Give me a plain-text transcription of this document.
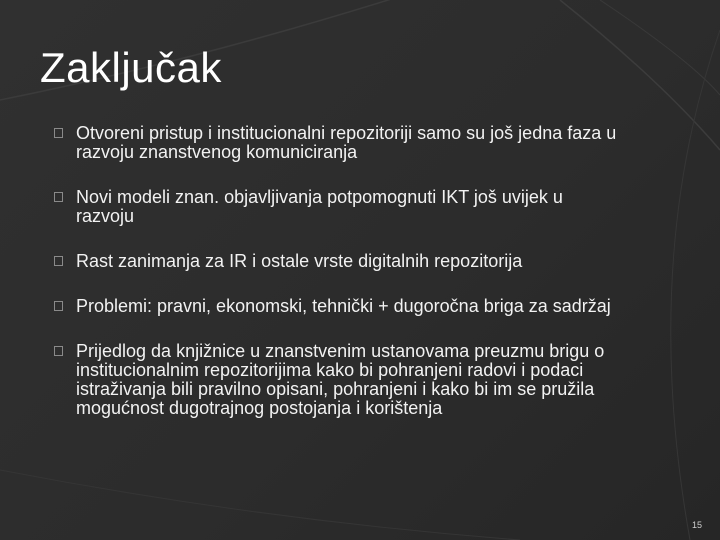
Zaključak
Otvoreni pristup i institucionalni repozitoriji samo su još jedna faza u razvoju znanstvenog komuniciranja
Novi modeli znan. objavljivanja potpomognuti IKT još uvijek u razvoju
Rast zanimanja za IR i ostale vrste digitalnih repozitorija
Problemi: pravni, ekonomski, tehnički + dugoročna briga za sadržaj
Prijedlog da knjižnice u znanstvenim ustanovama preuzmu brigu o institucionalnim repozitorijima kako bi pohranjeni radovi i podaci istraživanja bili pravilno opisani, pohranjeni i kako bi im se pružila mogućnost dugotrajnog postojanja i korištenja
15
